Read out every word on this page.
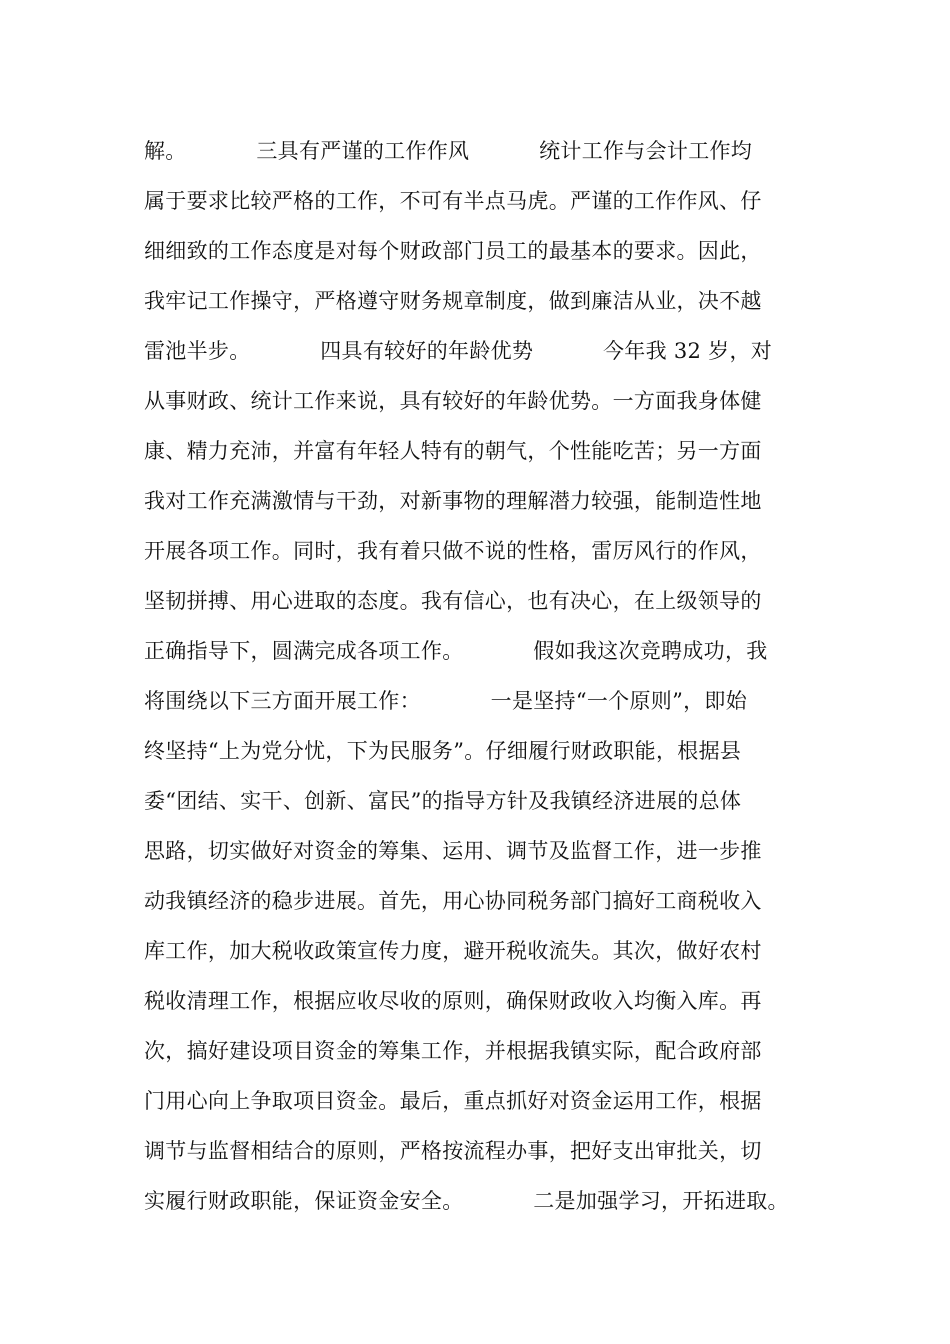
解。          三具有严谨的工作作风          统计工作与会计工作均
属于要求比较严格的工作，不可有半点马虎。严谨的工作作风、仔
细细致的工作态度是对每个财政部门员工的最基本的要求。因此，
我牢记工作操守，严格遵守财务规章制度，做到廉洁从业，决不越
雷池半步。          四具有较好的年龄优势          今年我 32 岁，对
从事财政、统计工作来说，具有较好的年龄优势。一方面我身体健
康、精力充沛，并富有年轻人特有的朝气，个性能吃苦；另一方面
我对工作充满激情与干劲，对新事物的理解潜力较强，能制造性地
开展各项工作。同时，我有着只做不说的性格，雷厉风行的作风，
坚韧拼搏、用心进取的态度。我有信心，也有决心，在上级领导的
正确指导下，圆满完成各项工作。          假如我这次竞聘成功，我
将围绕以下三方面开展工作：          一是坚持“一个原则”，即始
终坚持“上为党分忧，下为民服务”。仔细履行财政职能，根据县
委“团结、实干、创新、富民”的指导方针及我镇经济进展的总体
思路，切实做好对资金的筹集、运用、调节及监督工作，进一步推
动我镇经济的稳步进展。首先，用心协同税务部门搞好工商税收入
库工作，加大税收政策宣传力度，避开税收流失。其次，做好农村
税收清理工作，根据应收尽收的原则，确保财政收入均衡入库。再
次，搞好建设项目资金的筹集工作，并根据我镇实际，配合政府部
门用心向上争取项目资金。最后，重点抓好对资金运用工作，根据
调节与监督相结合的原则，严格按流程办事，把好支出审批关，切
实履行财政职能，保证资金安全。          二是加强学习，开拓进取。
